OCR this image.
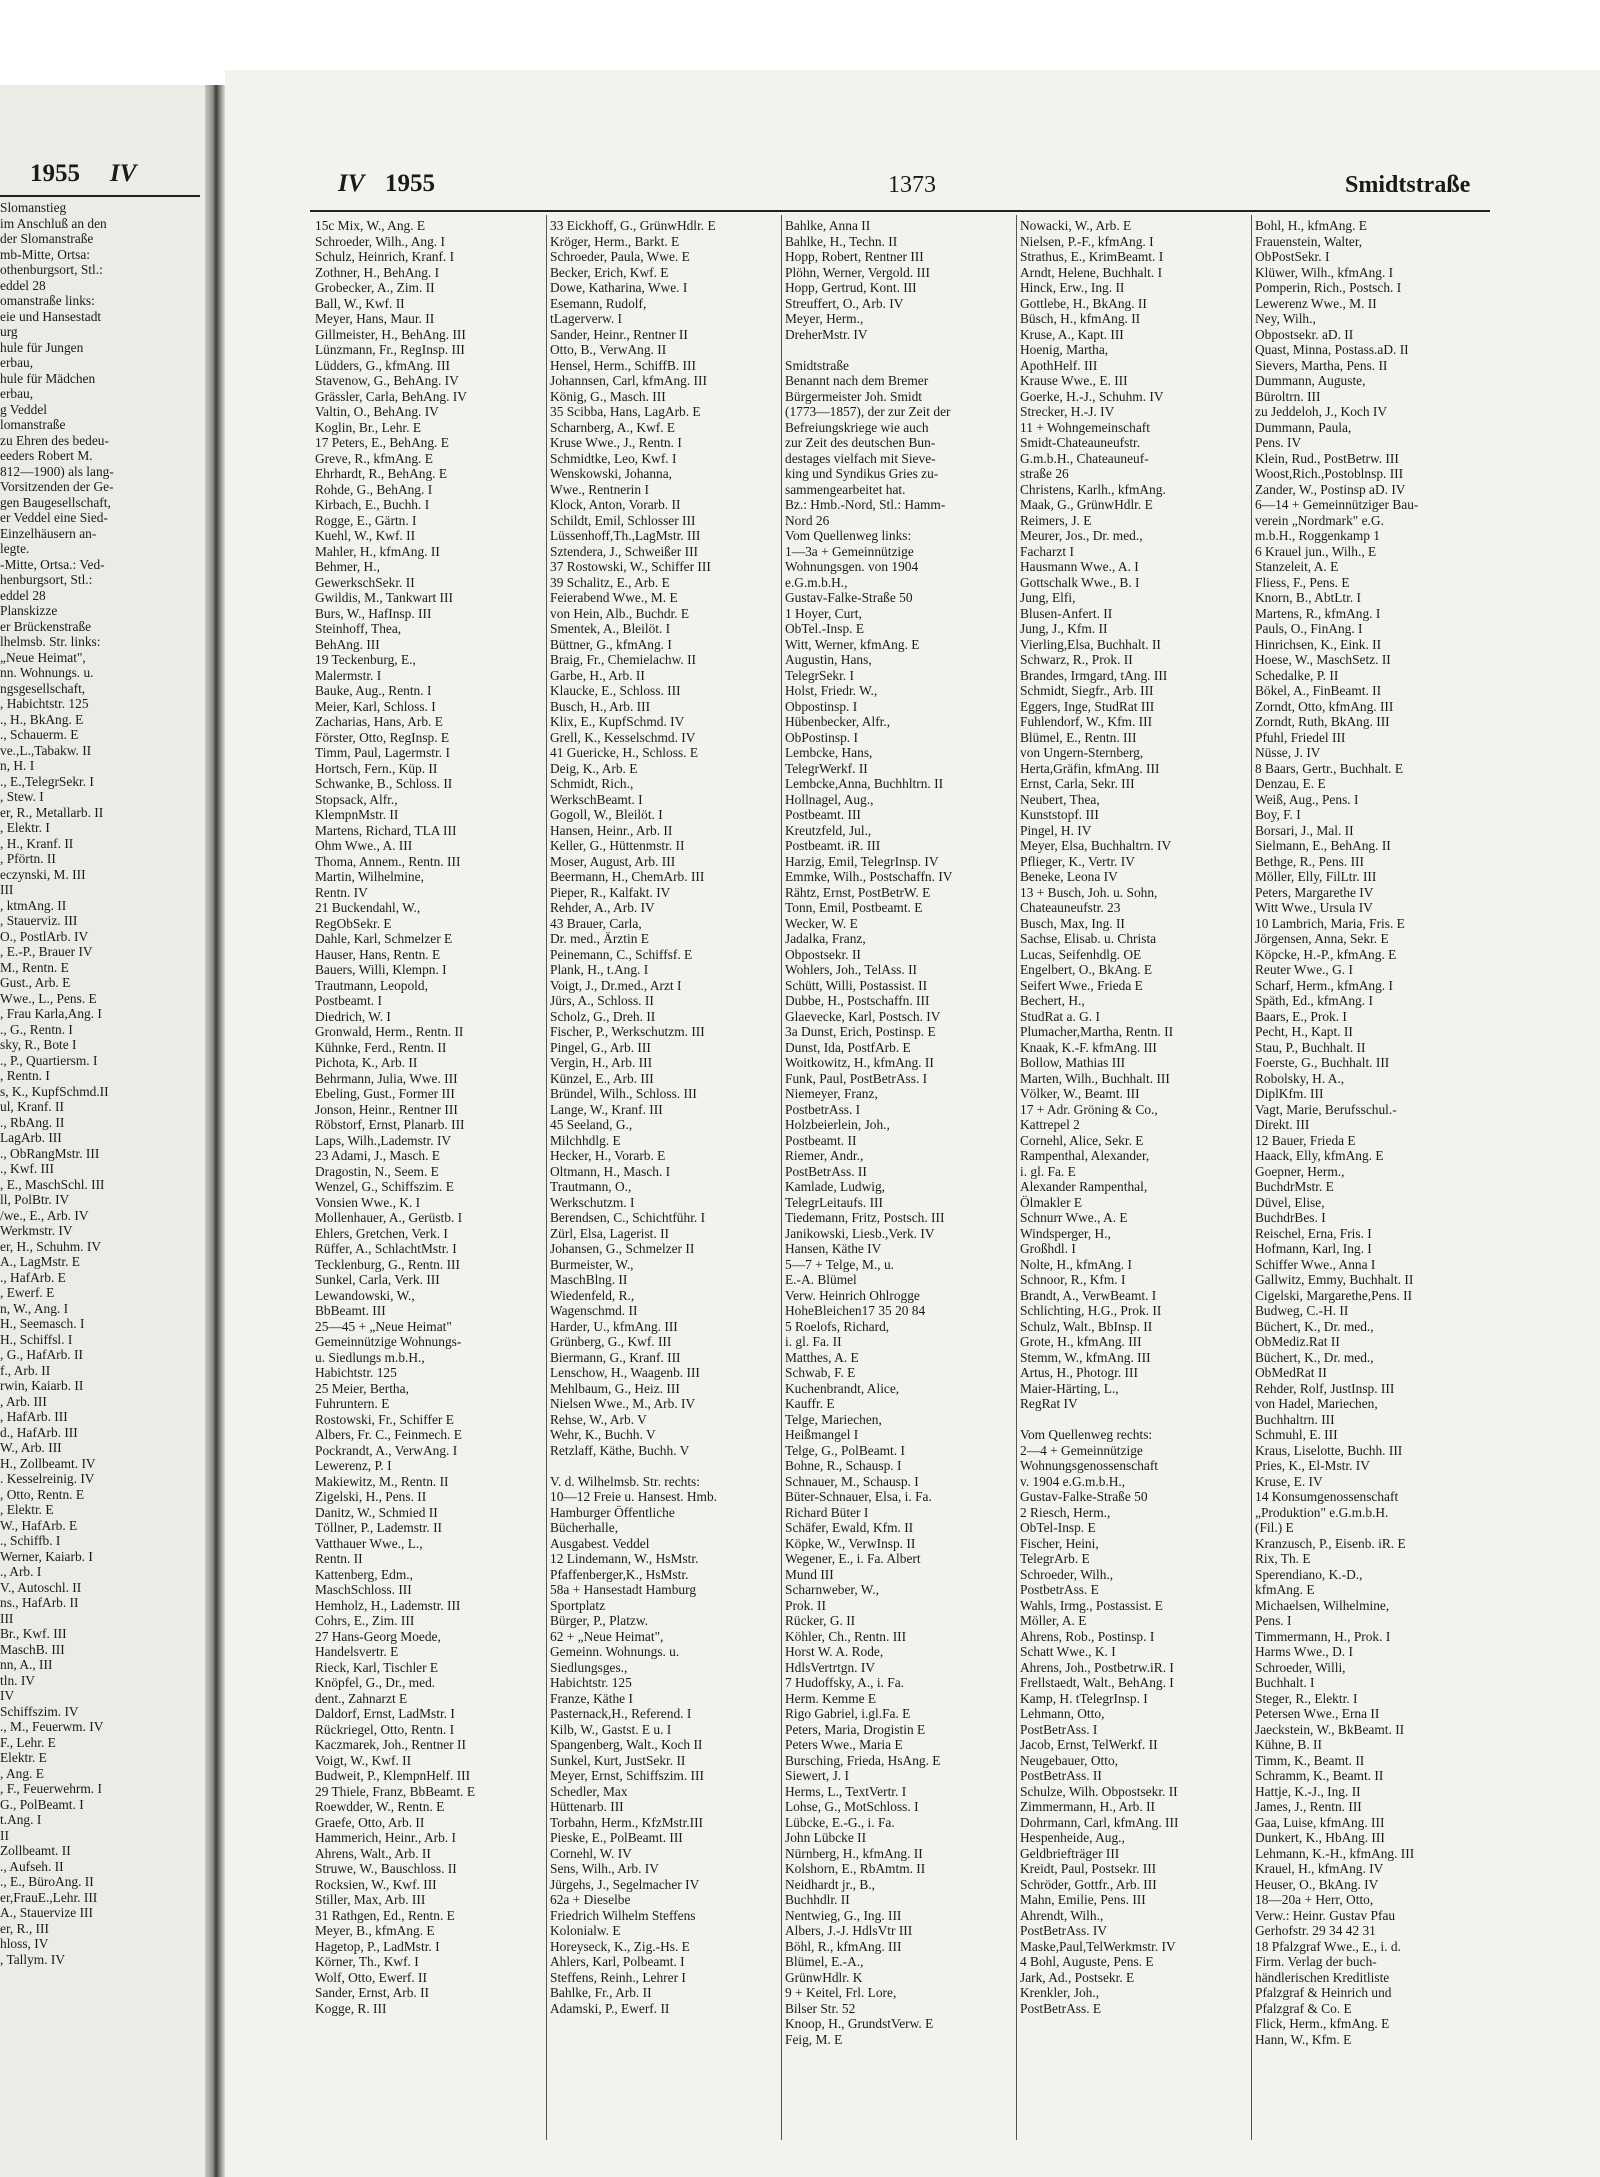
1955 IV	IV 1955	1373	Smidtstraße
Slomanstieg
im Anschluß an den
der Slomanstraße
mb-Mitte, Ortsa:
othenburgsort, Stl.:
eddel 28
omanstraße links:
eie und Hansestadt
urg
hule für Jungen
erbau,
hule für Mädchen
erbau,
g Veddel
lomanstraße
zu Ehren des bedeu-
eeders Robert M.
812—1900) als lang-
Vorsitzenden der Ge-
gen Baugesellschaft,
er Veddel eine Sied-
Einzelhäusern an-
legte.
-Mitte, Ortsa.: Ved-
henburgsort, Stl.:
eddel 28
Planskizze
er Brückenstraße
lhelmsb. Str. links:
„Neue Heimat",
nn. Wohnungs. u.
ngsgesellschaft,
, Habichtstr. 125
., H., BkAng. E
., Schauerm. E
ve.,L.,Tabakw. II
n, H. I
., E.,TelegrSekr. I
, Stew. I
er, R., Metallarb. II
, Elektr. I
, H., Kranf. II
, Pförtn. II
eczynski, M. III
III
, ktmAng. II
, Stauerviz. III
O., PostlArb. IV
, E.-P., Brauer IV
M., Rentn. E
Gust., Arb. E
Wwe., L., Pens. E
, Frau Karla,Ang. I
., G., Rentn. I
sky, R., Bote I
., P., Quartiersm. I
, Rentn. I
s, K., KupfSchmd.II
ul, Kranf. II
., RbAng. II
LagArb. III
., ObRangMstr. III
., Kwf. III
, E., MaschSchl. III
ll, PolBtr. IV
/we., E., Arb. IV
Werkmstr. IV
er, H., Schuhm. IV
A., LagMstr. E
., HafArb. E
, Ewerf. E
n, W., Ang. I
H., Seemasch. I
H., Schiffsl. I
, G., HafArb. II
f., Arb. II
rwin, Kaiarb. II
, Arb. III
, HafArb. III
d., HafArb. III
W., Arb. III
H., Zollbeamt. IV
. Kesselreinig. IV
, Otto, Rentn. E
, Elektr. E
W., HafArb. E
., Schiffb. I
Werner, Kaiarb. I
., Arb. I
V., Autoschl. II
ns., HafArb. II
III
Br., Kwf. III
MaschB. III
nn, A., III
tln. IV
IV
Schiffszim. IV
., M., Feuerwm. IV
F., Lehr. E
Elektr. E
, Ang. E
, F., Feuerwehrm. I
G., PolBeamt. I
t.Ang. I
II
Zollbeamt. II
., Aufseh. II
., E., BüroAng. II
er,FrauE.,Lehr. III
A., Stauervize III
er, R., III
hloss, IV
, Tallym. IV
15c Mix, W., Ang. E
Schroeder, Wilh., Ang. I
Schulz, Heinrich, Kranf. I
Zothner, H., BehAng. I
Grobecker, A., Zim. II
Ball, W., Kwf. II
Meyer, Hans, Maur. II
Gillmeister, H., BehAng. III
Lünzmann, Fr., RegInsp. III
Lüdders, G., kfmAng. III
Stavenow, G., BehAng. IV
Grässler, Carla, BehAng. IV
Valtin, O., BehAng. IV
Koglin, Br., Lehr. E
17 Peters, E., BehAng. E
Greve, R., kfmAng. E
Ehrhardt, R., BehAng. E
Rohde, G., BehAng. I
Kirbach, E., Buchh. I
Rogge, E., Gärtn. I
Kuehl, W., Kwf. II
Mahler, H., kfmAng. II
Behmer, H.,
GewerkschSekr. II
Gwildis, M., Tankwart III
Burs, W., HafInsp. III
Steinhoff, Thea,
BehAng. III
19 Teckenburg, E.,
Malermstr. I
Bauke, Aug., Rentn. I
Meier, Karl, Schloss. I
Zacharias, Hans, Arb. E
Förster, Otto, RegInsp. E
Timm, Paul, Lagermstr. I
Hortsch, Fern., Küp. II
Schwanke, B., Schloss. II
Stopsack, Alfr.,
KlempnMstr. II
Martens, Richard, TLA III
Ohm Wwe., A. III
Thoma, Annem., Rentn. III
Martin, Wilhelmine,
Rentn. IV
21 Buckendahl, W.,
RegObSekr. E
Dahle, Karl, Schmelzer E
Hauser, Hans, Rentn. E
Bauers, Willi, Klempn. I
Trautmann, Leopold,
Postbeamt. I
Diedrich, W. I
Gronwald, Herm., Rentn. II
Kühnke, Ferd., Rentn. II
Pichota, K., Arb. II
Behrmann, Julia, Wwe. III
Ebeling, Gust., Former III
Jonson, Heinr., Rentner III
Röbstorf, Ernst, Planarb. III
Laps, Wilh.,Lademstr. IV
23 Adami, J., Masch. E
Dragostin, N., Seem. E
Wenzel, G., Schiffszim. E
Vonsien Wwe., K. I
Mollenhauer, A., Gerüstb. I
Ehlers, Gretchen, Verk. I
Rüffer, A., SchlachtMstr. I
Tecklenburg, G., Rentn. III
Sunkel, Carla, Verk. III
Lewandowski, W.,
BbBeamt. III
25—45 + „Neue Heimat"
Gemeinnützige Wohnungs-
u. Siedlungs m.b.H.,
Habichtstr. 125
25 Meier, Bertha,
Fuhruntern. E
Rostowski, Fr., Schiffer E
Albers, Fr. C., Feinmech. E
Pockrandt, A., VerwAng. I
Lewerenz, P. I
Makiewitz, M., Rentn. II
Zigelski, H., Pens. II
Danitz, W., Schmied II
Töllner, P., Lademstr. II
Vatthauer Wwe., L.,
Rentn. II
Kattenberg, Edm.,
MaschSchloss. III
Hemholz, H., Lademstr. III
Cohrs, E., Zim. III
27 Hans-Georg Moede,
Handelsvertr. E
Rieck, Karl, Tischler E
Knöpfel, G., Dr., med.
dent., Zahnarzt E
Daldorf, Ernst, LadMstr. I
Rückriegel, Otto, Rentn. I
Kaczmarek, Joh., Rentner II
Voigt, W., Kwf. II
Budweit, P., KlempnHelf. III
29 Thiele, Franz, BbBeamt. E
Roewdder, W., Rentn. E
Graefe, Otto, Arb. II
Hammerich, Heinr., Arb. I
Ahrens, Walt., Arb. II
Struwe, W., Bauschloss. II
Rocksien, W., Kwf. III
Stiller, Max, Arb. III
31 Rathgen, Ed., Rentn. E
Meyer, B., kfmAng. E
Hagetop, P., LadMstr. I
Körner, Th., Kwf. I
Wolf, Otto, Ewerf. II
Sander, Ernst, Arb. II
Kogge, R. III
33 Eickhoff, G., GrünwHdlr. E
Kröger, Herm., Barkt. E
Schroeder, Paula, Wwe. E
Becker, Erich, Kwf. E
Dowe, Katharina, Wwe. I
Esemann, Rudolf,
tLagerverw. I
Sander, Heinr., Rentner II
Otto, B., VerwAng. II
Hensel, Herm., SchiffB. III
Johannsen, Carl, kfmAng. III
König, G., Masch. III
35 Scibba, Hans, LagArb. E
Scharnberg, A., Kwf. E
Kruse Wwe., J., Rentn. I
Schmidtke, Leo, Kwf. I
Wenskowski, Johanna,
Wwe., Rentnerin I
Klock, Anton, Vorarb. II
Schildt, Emil, Schlosser III
Lüssenhoff,Th.,LagMstr. III
Sztendera, J., Schweißer III
37 Rostowski, W., Schiffer III
39 Schalitz, E., Arb. E
Feierabend Wwe., M. E
von Hein, Alb., Buchdr. E
Smentek, A., Bleilöt. I
Büttner, G., kfmAng. I
Braig, Fr., Chemielachw. II
Garbe, H., Arb. II
Klaucke, E., Schloss. III
Busch, H., Arb. III
Klix, E., KupfSchmd. IV
Grell, K., Kesselschmd. IV
41 Guericke, H., Schloss. E
Deig, K., Arb. E
Schmidt, Rich.,
WerkschBeamt. I
Gogoll, W., Bleilöt. I
Hansen, Heinr., Arb. II
Keller, G., Hüttenmstr. II
Moser, August, Arb. III
Beermann, H., ChemArb. III
Pieper, R., Kalfakt. IV
Rehder, A., Arb. IV
43 Brauer, Carla,
Dr. med., Ärztin E
Peinemann, C., Schiffsf. E
Plank, H., t.Ang. I
Voigt, J., Dr.med., Arzt I
Jürs, A., Schloss. II
Scholz, G., Dreh. II
Fischer, P., Werkschutzm. III
Pingel, G., Arb. III
Vergin, H., Arb. III
Künzel, E., Arb. III
Bründel, Wilh., Schloss. III
Lange, W., Kranf. III
45 Seeland, G.,
Milchhdlg. E
Hecker, H., Vorarb. E
Oltmann, H., Masch. I
Trautmann, O.,
Werkschutzm. I
Berendsen, C., Schichtführ. I
Zürl, Elsa, Lagerist. II
Johansen, G., Schmelzer II
Burmeister, W.,
MaschBlng. II
Wiedenfeld, R.,
Wagenschmd. II
Harder, U., kfmAng. III
Grünberg, G., Kwf. III
Biermann, G., Kranf. III
Lenschow, H., Waagenb. III
Mehlbaum, G., Heiz. III
Nielsen Wwe., M., Arb. IV
Rehse, W., Arb. V
Wehr, K., Buchh. V
Retzlaff, Käthe, Buchh. V
V. d. Wilhelmsb. Str. rechts:
10—12 Freie u. Hansest. Hmb.
Hamburger Öffentliche
Bücherhalle,
Ausgabest. Veddel
12 Lindemann, W., HsMstr.
Pfaffenberger,K., HsMstr.
58a + Hansestadt Hamburg
Sportplatz
Bürger, P., Platzw.
62 + „Neue Heimat",
Gemeinn. Wohnungs. u.
Siedlungsges.,
Habichtstr. 125
Franze, Käthe I
Pasternack,H., Referend. I
Kilb, W., Gastst. E u. I
Spangenberg, Walt., Koch II
Sunkel, Kurt, JustSekr. II
Meyer, Ernst, Schiffszim. III
Schedler, Max
Hüttenarb. III
Torbahn, Herm., KfzMstr.III
Pieske, E., PolBeamt. III
Cornehl, W. IV
Sens, Wilh., Arb. IV
Jürgehs, J., Segelmacher IV
62a + Dieselbe
Friedrich Wilhelm Steffens
Kolonialw. E
Horeyseck, K., Zig.-Hs. E
Ahlers, Karl, Polbeamt. I
Steffens, Reinh., Lehrer I
Bahlke, Fr., Arb. II
Adamski, P., Ewerf. II
Bahlke, Anna II
Bahlke, H., Techn. II
Hopp, Robert, Rentner III
Plöhn, Werner, Vergold. III
Hopp, Gertrud, Kont. III
Streuffert, O., Arb. IV
Meyer, Herm.,
DreherMstr. IV
Smidtstraße
Benannt nach dem Bremer
Bürgermeister Joh. Smidt
(1773—1857), der zur Zeit der
Befreiungskriege wie auch
zur Zeit des deutschen Bun-
destages vielfach mit Sieve-
king und Syndikus Gries zu-
sammengearbeitet hat.
Bz.: Hmb.-Nord, Stl.: Hamm-
Nord 26
Vom Quellenweg links:
1—3a + Gemeinnützige
Wohnungsgen. von 1904
e.G.m.b.H.,
Gustav-Falke-Straße 50
1 Hoyer, Curt,
ObTel.-Insp. E
Witt, Werner, kfmAng. E
Augustin, Hans,
TelegrSekr. I
Holst, Friedr. W.,
Obpostinsp. I
Hübenbecker, Alfr.,
ObPostinsp. I
Lembcke, Hans,
TelegrWerkf. II
Lembcke,Anna, Buchhltrn. II
Hollnagel, Aug.,
Postbeamt. III
Kreutzfeld, Jul.,
Postbeamt. iR. III
Harzig, Emil, TelegrInsp. IV
Emmke, Wilh., Postschaffn. IV
Rähtz, Ernst, PostBetrW. E
Tonn, Emil, Postbeamt. E
Wecker, W. E
Jadalka, Franz,
Obpostsekr. II
Wohlers, Joh., TelAss. II
Schütt, Willi, Postassist. II
Dubbe, H., Postschaffn. III
Glaevecke, Karl, Postsch. IV
3a Dunst, Erich, Postinsp. E
Dunst, Ida, PostfArb. E
Woitkowitz, H., kfmAng. II
Funk, Paul, PostBetrAss. I
Niemeyer, Franz,
PostbetrAss. I
Holzbeierlein, Joh.,
Postbeamt. II
Riemer, Andr.,
PostBetrAss. II
Kamlade, Ludwig,
TelegrLeitaufs. III
Tiedemann, Fritz, Postsch. III
Janikowski, Liesb.,Verk. IV
Hansen, Käthe IV
5—7 + Telge, M., u.
E.-A. Blümel
Verw. Heinrich Ohlrogge
HoheBleichen17 35 20 84
5 Roelofs, Richard,
i. gl. Fa. II
Matthes, A. E
Schwab, F. E
Kuchenbrandt, Alice,
Kauffr. E
Telge, Mariechen,
Heißmangel I
Telge, G., PolBeamt. I
Bohne, R., Schausp. I
Schnauer, M., Schausp. I
Büter-Schnauer, Elsa, i. Fa.
Richard Büter I
Schäfer, Ewald, Kfm. II
Köpke, W., VerwInsp. II
Wegener, E., i. Fa. Albert
Mund III
Scharnweber, W.,
Prok. II
Rücker, G. II
Köhler, Ch., Rentn. III
Horst W. A. Rode,
HdlsVertrtgn. IV
7 Hudoffsky, A., i. Fa.
Herm. Kemme E
Rigo Gabriel, i.gl.Fa. E
Peters, Maria, Drogistin E
Peters Wwe., Maria E
Bursching, Frieda, HsAng. E
Siewert, J. I
Herms, L., TextVertr. I
Lohse, G., MotSchloss. I
Lübcke, E.-G., i. Fa.
John Lübcke II
Nürnberg, H., kfmAng. II
Kolshorn, E., RbAmtm. II
Neidhardt jr., B.,
Buchhdlr. II
Nentwieg, G., Ing. III
Albers, J.-J. HdlsVtr III
Böhl, R., kfmAng. III
Blümel, E.-A.,
GrünwHdlr. K
9 + Keitel, Frl. Lore,
Bilser Str. 52
Knoop, H., GrundstVerw. E
Feig, M. E
Nowacki, W., Arb. E
Nielsen, P.-F., kfmAng. I
Strathus, E., KrimBeamt. I
Arndt, Helene, Buchhalt. I
Hinck, Erw., Ing. II
Gottlebe, H., BkAng. II
Büsch, H., kfmAng. II
Kruse, A., Kapt. III
Hoenig, Martha,
ApothHelf. III
Krause Wwe., E. III
Goerke, H.-J., Schuhm. IV
Strecker, H.-J. IV
11 + Wohngemeinschaft
Smidt-Chateauneufstr.
G.m.b.H., Chateauneuf-
straße 26
Christens, Karlh., kfmAng.
Maak, G., GrünwHdlr. E
Reimers, J. E
Meurer, Jos., Dr. med.,
Facharzt I
Hausmann Wwe., A. I
Gottschalk Wwe., B. I
Jung, Elfi,
Blusen-Anfert. II
Jung, J., Kfm. II
Vierling,Elsa, Buchhalt. II
Schwarz, R., Prok. II
Brandes, Irmgard, tAng. III
Schmidt, Siegfr., Arb. III
Eggers, Inge, StudRat III
Fuhlendorf, W., Kfm. III
Blümel, E., Rentn. III
von Ungern-Sternberg,
Herta,Gräfin, kfmAng. III
Ernst, Carla, Sekr. III
Neubert, Thea,
Kunststopf. III
Pingel, H. IV
Meyer, Elsa, Buchhaltrn. IV
Pflieger, K., Vertr. IV
Beneke, Leona IV
13 + Busch, Joh. u. Sohn,
Chateauneufstr. 23
Busch, Max, Ing. II
Sachse, Elisab. u. Christa
Lucas, Seifenhdlg. OE
Engelbert, O., BkAng. E
Seifert Wwe., Frieda E
Bechert, H.,
StudRat a. G. I
Plumacher,Martha, Rentn. II
Knaak, K.-F. kfmAng. III
Bollow, Mathias III
Marten, Wilh., Buchhalt. III
Völker, W., Beamt. III
17 + Adr. Gröning & Co.,
Kattrepel 2
Cornehl, Alice, Sekr. E
Rampenthal, Alexander,
i. gl. Fa. E
Alexander Rampenthal,
Ölmakler E
Schnurr Wwe., A. E
Windsperger, H.,
Großhdl. I
Nolte, H., kfmAng. I
Schnoor, R., Kfm. I
Brandt, A., VerwBeamt. I
Schlichting, H.G., Prok. II
Schulz, Walt., BbInsp. II
Grote, H., kfmAng. III
Stemm, W., kfmAng. III
Artus, H., Photogr. III
Maier-Härting, L.,
RegRat IV
Vom Quellenweg rechts:
2—4 + Gemeinnützige
Wohnungsgenossenschaft
v. 1904 e.G.m.b.H.,
Gustav-Falke-Straße 50
2 Riesch, Herm.,
ObTel-Insp. E
Fischer, Heini,
TelegrArb. E
Schroeder, Wilh.,
PostbetrAss. E
Wahls, Irmg., Postassist. E
Möller, A. E
Ahrens, Rob., Postinsp. I
Schatt Wwe., K. I
Ahrens, Joh., Postbetrw.iR. I
Frellstaedt, Walt., BehAng. I
Kamp, H. tTelegrInsp. I
Lehmann, Otto,
PostBetrAss. I
Jacob, Ernst, TelWerkf. II
Neugebauer, Otto,
PostBetrAss. II
Schulze, Wilh. Obpostsekr. II
Zimmermann, H., Arb. II
Dohrmann, Carl, kfmAng. III
Hespenheide, Aug.,
Geldbriefträger III
Kreidt, Paul, Postsekr. III
Schröder, Gottfr., Arb. III
Mahn, Emilie, Pens. III
Ahrendt, Wilh.,
PostBetrAss. IV
Maske,Paul,TelWerkmstr. IV
4 Bohl, Auguste, Pens. E
Jark, Ad., Postsekr. E
Krenkler, Joh.,
PostBetrAss. E
Bohl, H., kfmAng. E
Frauenstein, Walter,
ObPostSekr. I
Klüwer, Wilh., kfmAng. I
Pomperin, Rich., Postsch. I
Lewerenz Wwe., M. II
Ney, Wilh.,
Obpostsekr. aD. II
Quast, Minna, Postass.aD. II
Sievers, Martha, Pens. II
Dummann, Auguste,
Büroltrn. III
zu Jeddeloh, J., Koch IV
Dummann, Paula,
Pens. IV
Klein, Rud., PostBetrw. III
Woost,Rich.,Postoblnsp. III
Zander, W., Postinsp aD. IV
6—14 + Gemeinnütziger Bau-
verein „Nordmark" e.G.
m.b.H., Roggenkamp 1
6 Krauel jun., Wilh., E
Stanzeleit, A. E
Fliess, F., Pens. E
Knorn, B., AbtLtr. I
Martens, R., kfmAng. I
Pauls, O., FinAng. I
Hinrichsen, K., Eink. II
Hoese, W., MaschSetz. II
Schedalke, P. II
Bökel, A., FinBeamt. II
Zorndt, Otto, kfmAng. III
Zorndt, Ruth, BkAng. III
Pfuhl, Friedel III
Nüsse, J. IV
8 Baars, Gertr., Buchhalt. E
Denzau, E. E
Weiß, Aug., Pens. I
Boy, F. I
Borsari, J., Mal. II
Sielmann, E., BehAng. II
Bethge, R., Pens. III
Möller, Elly, FilLtr. III
Peters, Margarethe IV
Witt Wwe., Ursula IV
10 Lambrich, Maria, Fris. E
Jörgensen, Anna, Sekr. E
Köpcke, H.-P., kfmAng. E
Reuter Wwe., G. I
Scharf, Herm., kfmAng. I
Späth, Ed., kfmAng. I
Baars, E., Prok. I
Pecht, H., Kapt. II
Stau, P., Buchhalt. II
Foerste, G., Buchhalt. III
Robolsky, H. A.,
DiplKfm. III
Vagt, Marie, Berufsschul.-
Direkt. III
12 Bauer, Frieda E
Haack, Elly, kfmAng. E
Goepner, Herm.,
BuchdrMstr. E
Düvel, Elise,
BuchdrBes. I
Reischel, Erna, Fris. I
Hofmann, Karl, Ing. I
Schiffer Wwe., Anna I
Gallwitz, Emmy, Buchhalt. II
Cigelski, Margarethe,Pens. II
Budweg, C.-H. II
Büchert, K., Dr. med.,
ObMediz.Rat II
Büchert, K., Dr. med.,
ObMedRat II
Rehder, Rolf, JustInsp. III
von Hadel, Mariechen,
Buchhaltrn. III
Schmuhl, E. III
Kraus, Liselotte, Buchh. III
Pries, K., El-Mstr. IV
Kruse, E. IV
14 Konsumgenossenschaft
„Produktion" e.G.m.b.H.
(Fil.) E
Kranzusch, P., Eisenb. iR. E
Rix, Th. E
Sperendiano, K.-D.,
kfmAng. E
Michaelsen, Wilhelmine,
Pens. I
Timmermann, H., Prok. I
Harms Wwe., D. I
Schroeder, Willi,
Buchhalt. I
Steger, R., Elektr. I
Petersen Wwe., Erna II
Jaeckstein, W., BkBeamt. II
Kühne, B. II
Timm, K., Beamt. II
Schramm, K., Beamt. II
Hattje, K.-J., Ing. II
James, J., Rentn. III
Gaa, Luise, kfmAng. III
Dunkert, K., HbAng. III
Lehmann, K.-H., kfmAng. III
Krauel, H., kfmAng. IV
Heuser, O., BkAng. IV
18—20a + Herr, Otto,
Verw.: Heinr. Gustav Pfau
Gerhofstr. 29 34 42 31
18 Pfalzgraf Wwe., E., i. d.
Firm. Verlag der buch-
händlerischen Kreditliste
Pfalzgraf & Heinrich und
Pfalzgraf & Co. E
Flick, Herm., kfmAng. E
Hann, W., Kfm. E
